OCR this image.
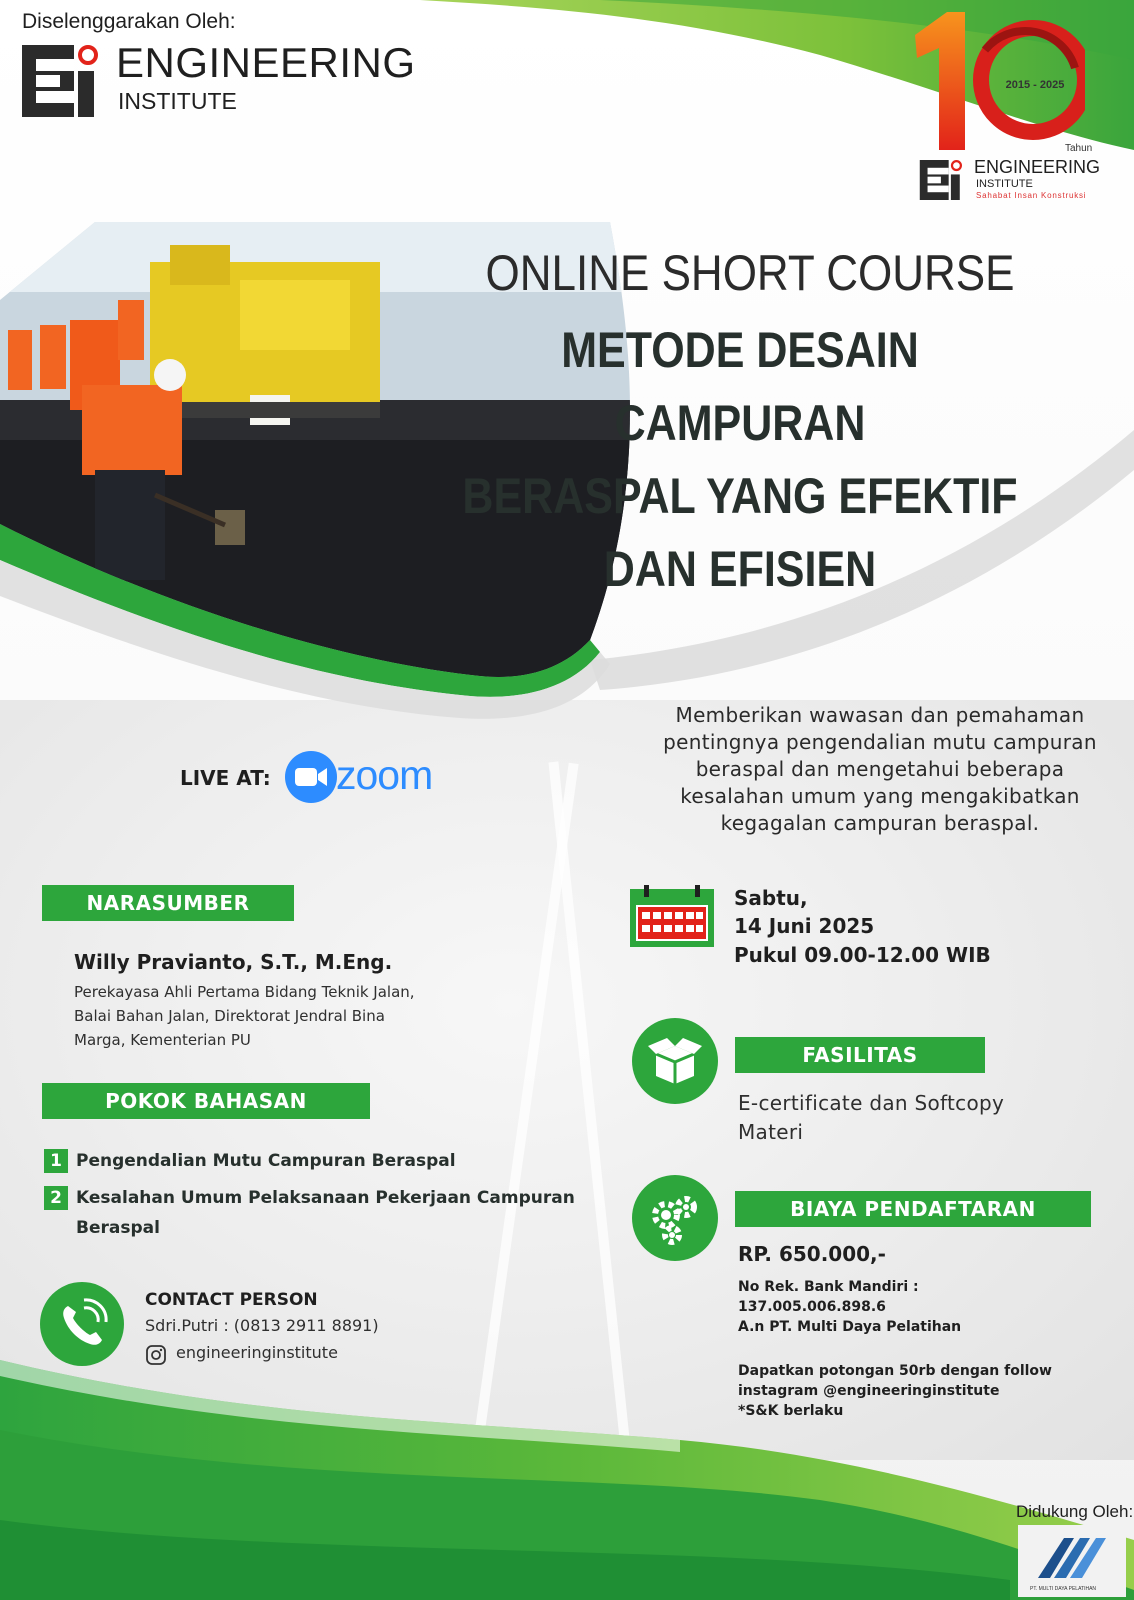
Diselenggarakan Oleh:
ENGINEERING
INSTITUTE
2015 - 2025
Tahun
ENGINEERING
INSTITUTE
Sahabat Insan Konstruksi
ONLINE SHORT COURSE
METODE DESAIN CAMPURAN
BERASPAL YANG EFEKTIF
DAN EFISIEN
Memberikan wawasan dan pemahaman
pentingnya pengendalian mutu campuran
beraspal dan mengetahui beberapa
kesalahan umum yang mengakibatkan
kegagalan campuran beraspal.
LIVE AT: zoom
NARASUMBER
Willy Pravianto, S.T., M.Eng.
Perekayasa Ahli Pertama Bidang Teknik Jalan,
Balai Bahan Jalan, Direktorat Jendral Bina
Marga, Kementerian PU
POKOK BAHASAN
1 Pengendalian Mutu Campuran Beraspal
2 Kesalahan Umum Pelaksanaan Pekerjaan Campuran Beraspal
CONTACT PERSON
Sdri.Putri : (0813 2911 8891)
engineeringinstitute
Sabtu,
14 Juni 2025
Pukul 09.00-12.00 WIB
FASILITAS
E-certificate dan Softcopy
Materi
BIAYA PENDAFTARAN
RP. 650.000,-
No Rek. Bank Mandiri :
137.005.006.898.6
A.n PT. Multi Daya Pelatihan
Dapatkan potongan 50rb dengan follow
instagram @engineeringinstitute
*S&K berlaku
Didukung Oleh:
PT. MULTI DAYA PELATIHAN
